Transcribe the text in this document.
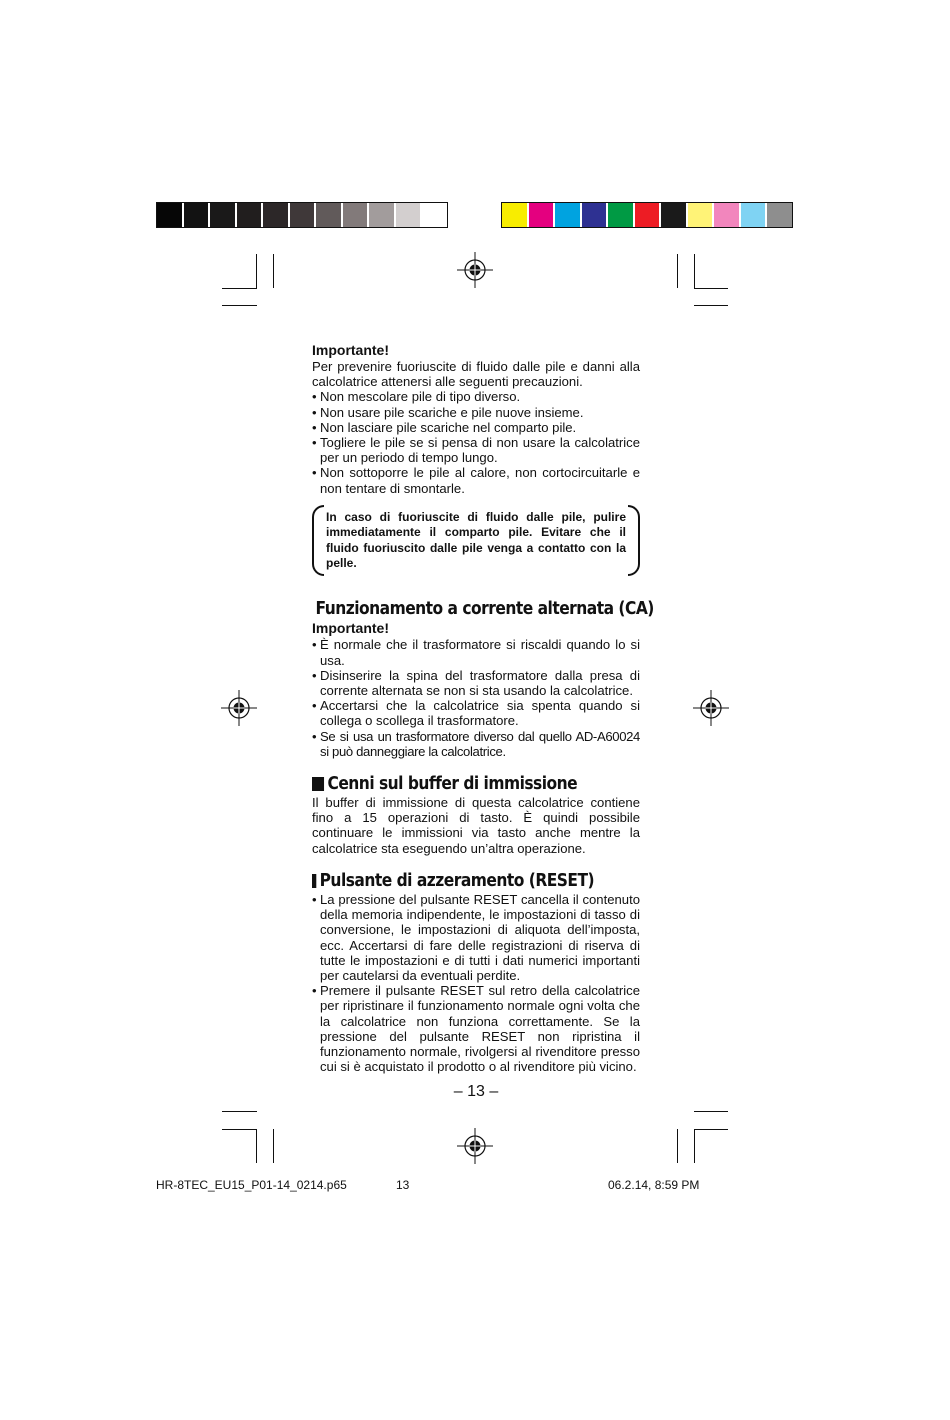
Importante!

Per prevenire fuoriuscite di fluido dalle pile e danni alla calcolatrice attenersi alle seguenti precauzioni.

• Non mescolare pile di tipo diverso.
• Non usare pile scariche e pile nuove insieme.
• Non lasciare pile scariche nel comparto pile.
• Togliere le pile se si pensa di non usare la calcolatrice per un periodo di tempo lungo.
• Non sottoporre le pile al calore, non cortocircuitarle e non tentare di smontarle.
In caso di fuoriuscite di fluido dalle pile, pulire immediatamente il comparto pile. Evitare che il fluido fuoriuscito dalle pile venga a contatto con la pelle.
Funzionamento a corrente alternata (CA)
Importante!
• È normale che il trasformatore si riscaldi quando lo si usa.
• Disinserire la spina del trasformatore dalla presa di corrente alternata se non si sta usando la calcolatrice.
• Accertarsi che la calcolatrice sia spenta quando si collega o scollega il trasformatore.
• Se si usa un trasformatore diverso dal quello AD-A60024 si può danneggiare la calcolatrice.
Cenni sul buffer di immissione

Il buffer di immissione di questa calcolatrice contiene fino a 15 operazioni di tasto. È quindi possibile continuare le immissioni via tasto anche mentre la calcolatrice sta eseguendo un’altra operazione.

Pulsante di azzeramento (RESET)
• La pressione del pulsante RESET cancella il contenuto della memoria indipendente, le impostazioni di tasso di conversione, le impostazioni di aliquota dell’imposta, ecc. Accertarsi di fare delle registrazioni di riserva di tutte le impostazioni e di tutti i dati numerici importanti per cautelarsi da eventuali perdite.
• Premere il pulsante RESET sul retro della calcolatrice per ripristinare il funzionamento normale ogni volta che la calcolatrice non funziona correttamente. Se la pressione del pulsante RESET non ripristina il funzionamento normale, rivolgersi al rivenditore presso cui si è acquistato il prodotto o al rivenditore più vicino.
– 13 –
HR-8TEC_EU15_P01-14_0214.p65	13	06.2.14, 8:59 PM
